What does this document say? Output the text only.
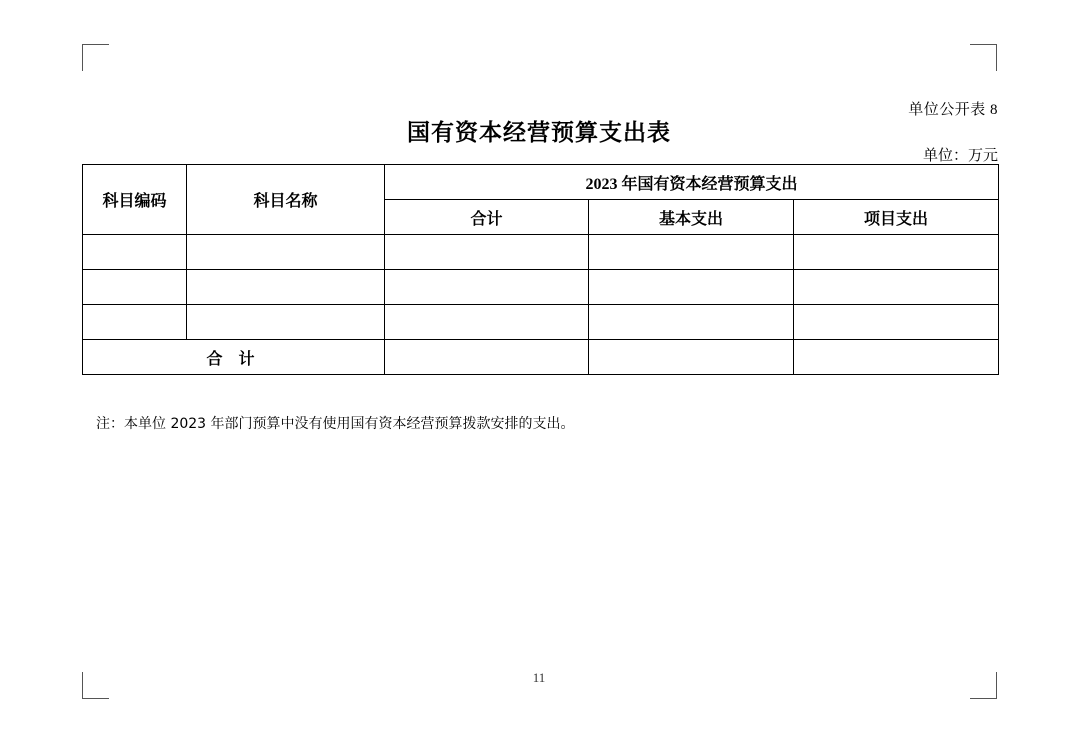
单位公开表 8
国有资本经营预算支出表
单位：万元
科目编码	科目名称	2023 年国有资本经营预算支出		
		合计	基本支出	项目支出

合 计				
注：本单位 2023 年部门预算中没有使用国有资本经营预算拨款安排的支出。
11
